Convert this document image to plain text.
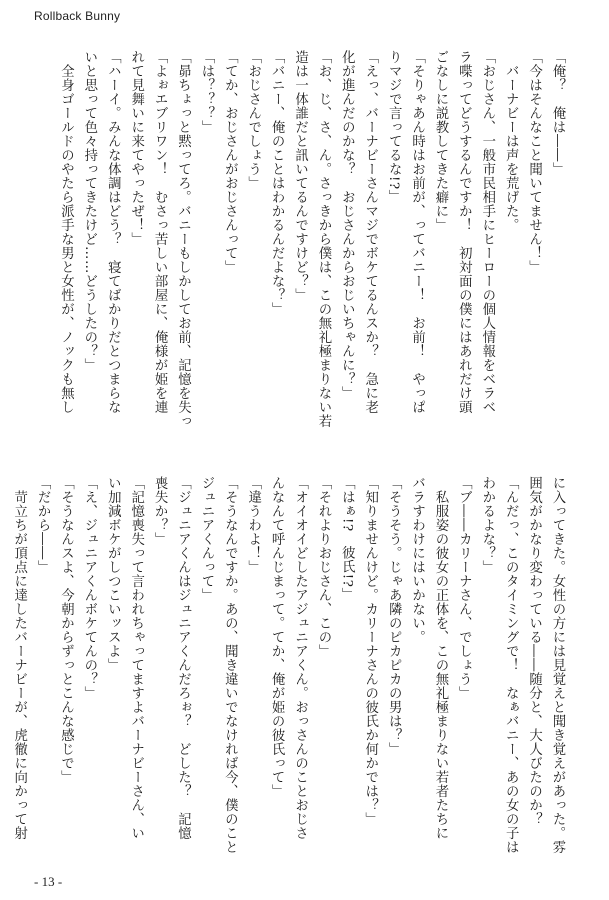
Rollback Bunny

「俺？　俺は――」

「今はそんなこと聞いてません！」

　バーナビーは声を荒げた。

「おじさん、一般市民相手にヒーローの個人情報をベラベ

ラ喋ってどうするんですか！　初対面の僕にはあれだけ頭

ごなしに説教してきた癖に」

「そりゃあん時はお前が、ってバニー！　お前！　やっぱ

りマジで言ってるな!?」

「えっ、バーナビーさんマジでボケてるんスか？　急に老

化が進んだのかな？　おじさんからおじいちゃんに？」

「お、じ、さ、ん。さっきから僕は、この無礼極まりない若

造は一体誰だと訊いてるんですけど？」

「バニー、俺のことはわかるんだよな？」

「おじさんでしょう」

「てか、おじさんがおじさんって」

「は？？？」

「昴ちょっと黙ってろ。バニーもしかしてお前、記憶を失っ

「よぉエブリワン！　むさっ苦しい部屋に、俺様が姫を連

れて見舞いに来てやったぜ！」

「ハーイ。みんな体調はどう？　寝てばかりだとつまらな

いと思って色々持ってきたけど……どうしたの？」

　全身ゴールドのやたら派手な男と女性が、ノックも無し

に入ってきた。女性の方には見覚えと聞き覚えがあった。雰

囲気がかなり変わっている――随分と、大人びたのか？

「んだっ、このタイミングで！　なぁバニー、あの女の子は

わかるよな？」

「ブ――カリーナさん、でしょう」

　私服姿の彼女の正体を、この無礼極まりない若者たちに

バラすわけにはいかない。

「そうそう。じゃあ隣のピカピカの男は？」

「知りませんけど。カリーナさんの彼氏か何かでは？」

「はぁ!?　彼氏!?」

「それよりおじさん、この」

「オイオイどしたアジュニアくん。おっさんのことおじさ

んなんて呼んじまって。てか、俺が姫の彼氏って」

「違うわよ！」

「そうなんですか。あの、聞き違いでなければ今、僕のこと

ジュニアくんって」

「ジュニアくんはジュニアくんだろぉ？　どした？　記憶

喪失か？」

「記憶喪失って言われちゃってますよバーナビーさん、い

い加減ボケがしつこいッスよ」

「え、ジュニアくんボケてんの？」

「そうなんスよ、今朝からずっとこんな感じで」

「だから――」

　苛立ちが頂点に達したバーナビーが、虎徹に向かって射

- 13 -
